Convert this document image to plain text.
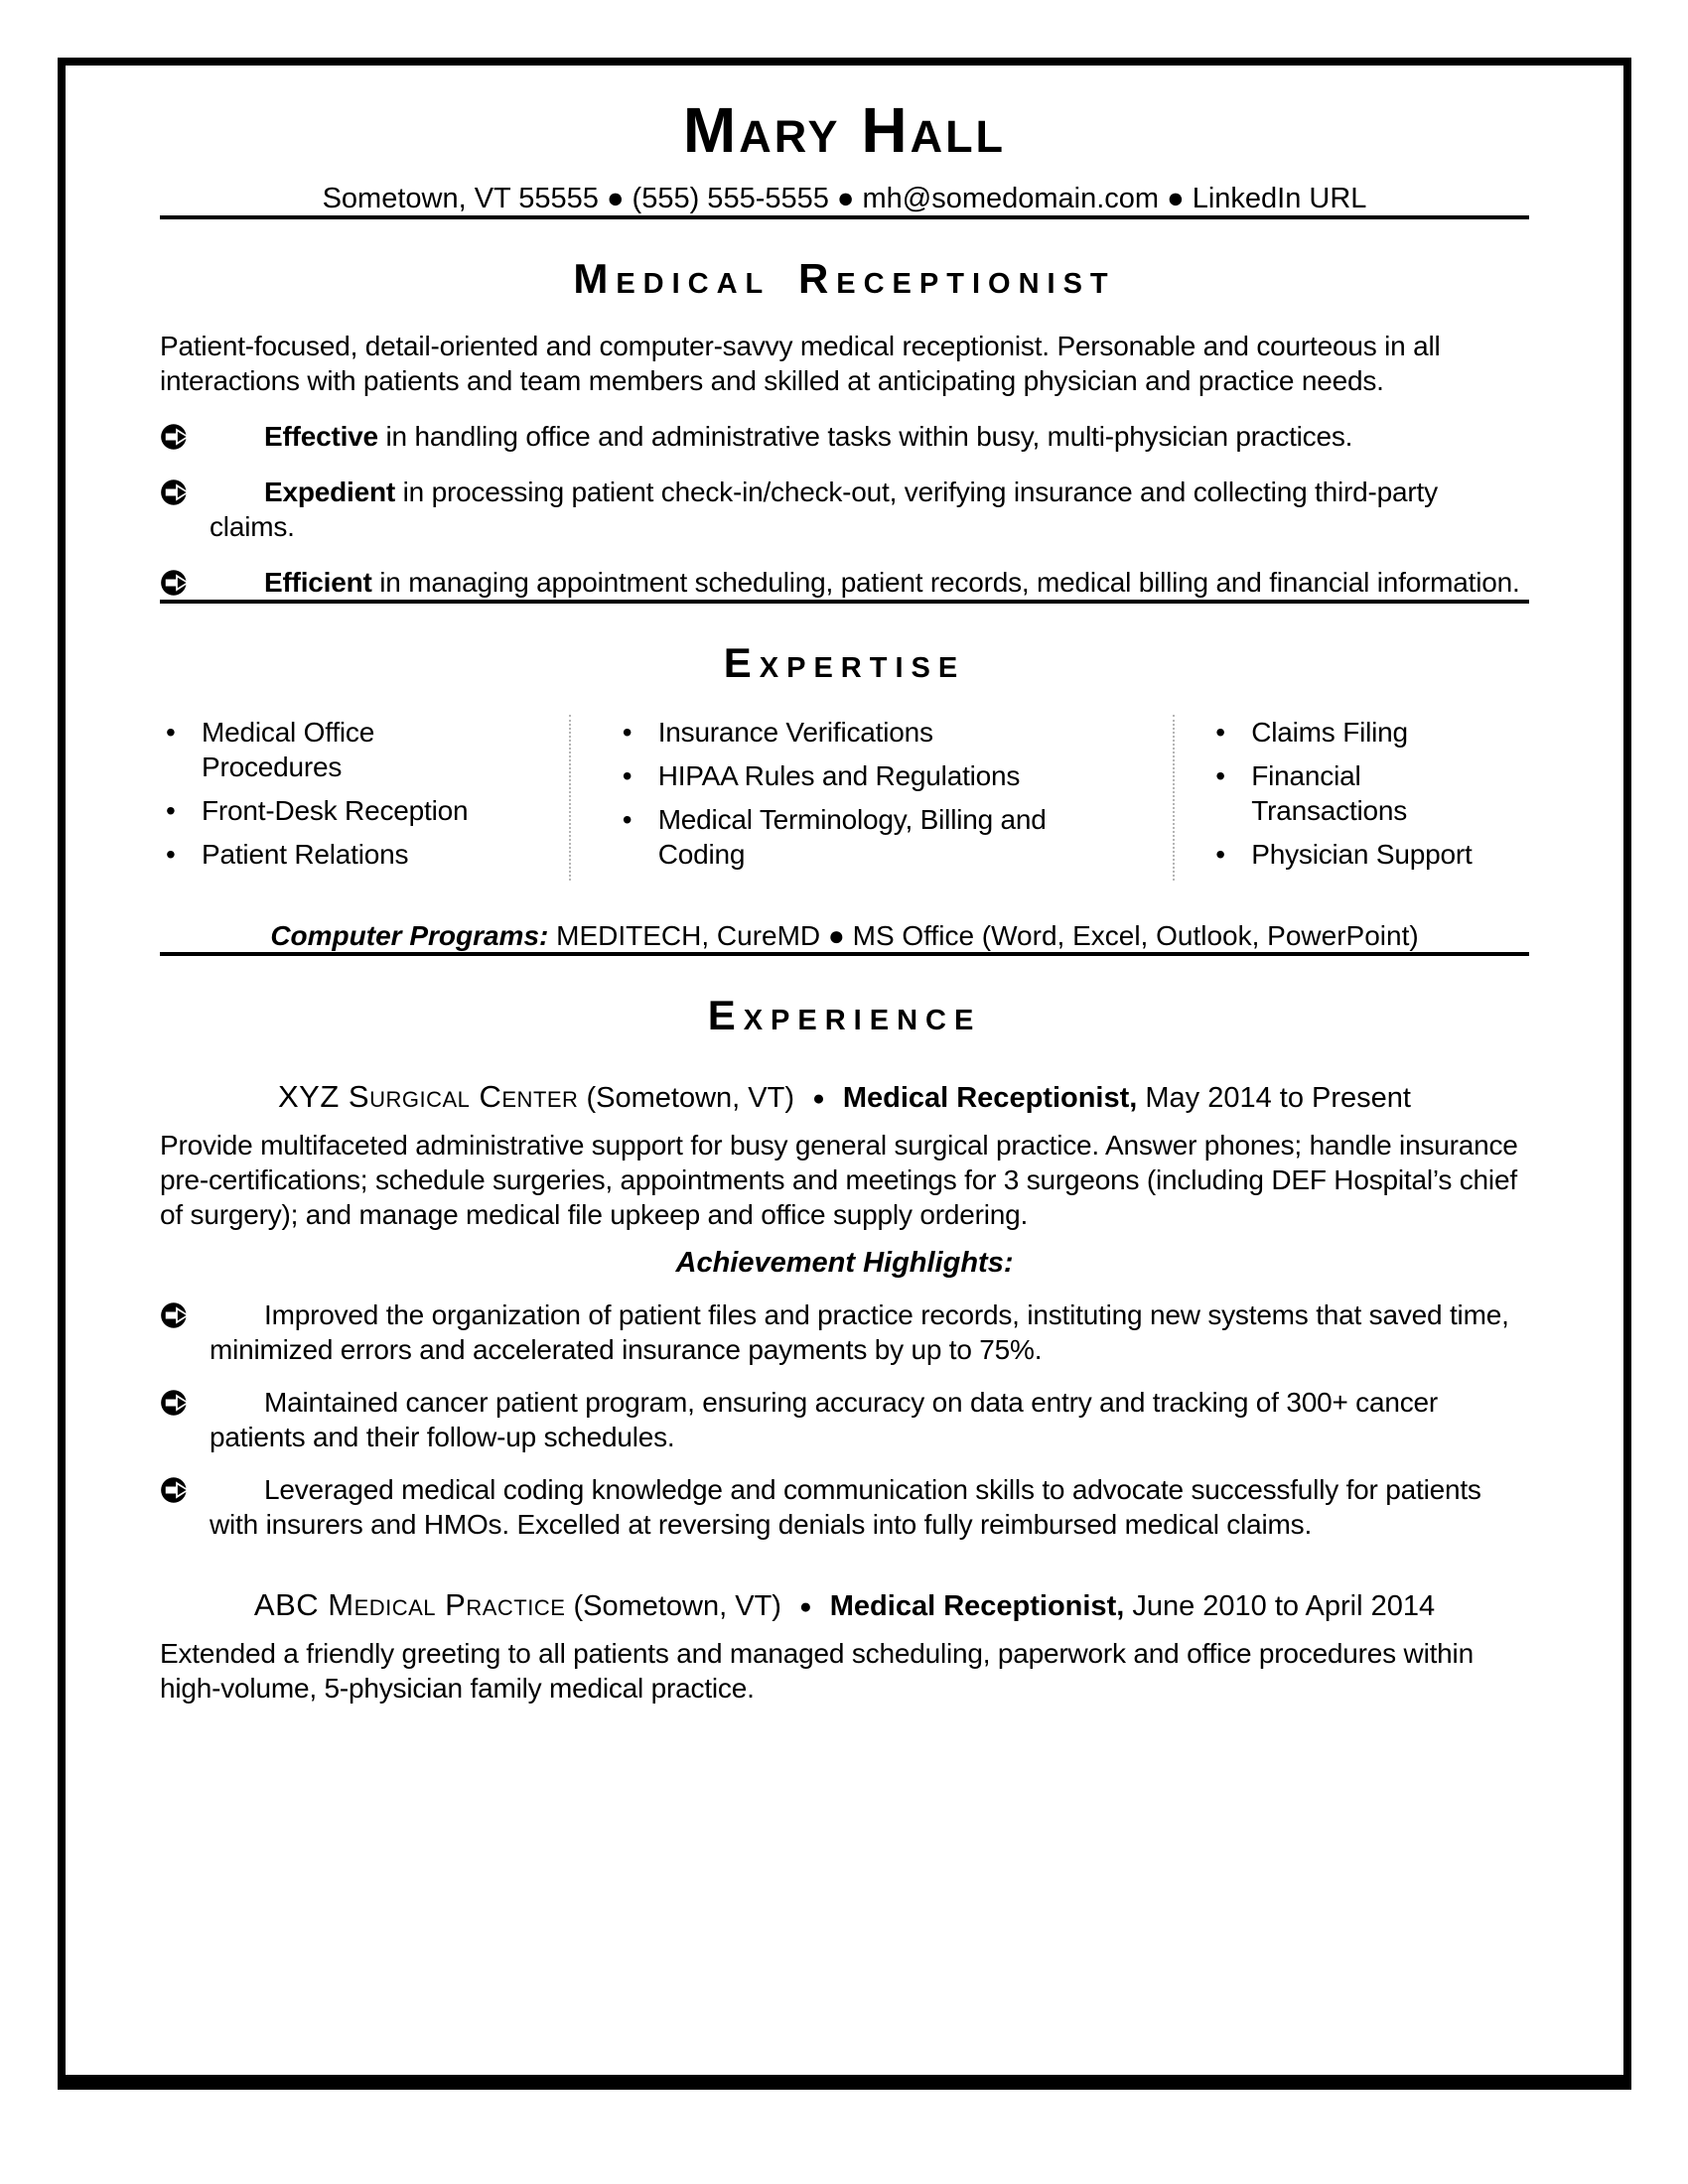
Mary Hall
Sometown, VT 55555 ● (555) 555-5555 ● mh@somedomain.com ● LinkedIn URL
Medical Receptionist

Patient-focused, detail-oriented and computer-savvy medical receptionist. Personable and courteous in all interactions with patients and team members and skilled at anticipating physician and practice needs.

Effective in handling office and administrative tasks within busy, multi-physician practices.

Expedient in processing patient check-in/check-out, verifying insurance and collecting third-party claims.

Efficient in managing appointment scheduling, patient records, medical billing and financial information.

Expertise
• Medical Office Procedures
• Front-Desk Reception
• Patient Relations
• Insurance Verifications
• HIPAA Rules and Regulations
• Medical Terminology, Billing and Coding
• Claims Filing
• Financial Transactions
• Physician Support
Computer Programs: MEDITECH, CureMD ● MS Office (Word, Excel, Outlook, PowerPoint)
Experience
XYZ Surgical Center (Sometown, VT) ● Medical Receptionist, May 2014 to Present

Provide multifaceted administrative support for busy general surgical practice. Answer phones; handle insurance pre-certifications; schedule surgeries, appointments and meetings for 3 surgeons (including DEF Hospital’s chief of surgery); and manage medical file upkeep and office supply ordering.

Achievement Highlights:

Improved the organization of patient files and practice records, instituting new systems that saved time, minimized errors and accelerated insurance payments by up to 75%.

Maintained cancer patient program, ensuring accuracy on data entry and tracking of 300+ cancer patients and their follow-up schedules.

Leveraged medical coding knowledge and communication skills to advocate successfully for patients with insurers and HMOs. Excelled at reversing denials into fully reimbursed medical claims.

ABC Medical Practice (Sometown, VT) ● Medical Receptionist, June 2010 to April 2014

Extended a friendly greeting to all patients and managed scheduling, paperwork and office procedures within high-volume, 5-physician family medical practice.
